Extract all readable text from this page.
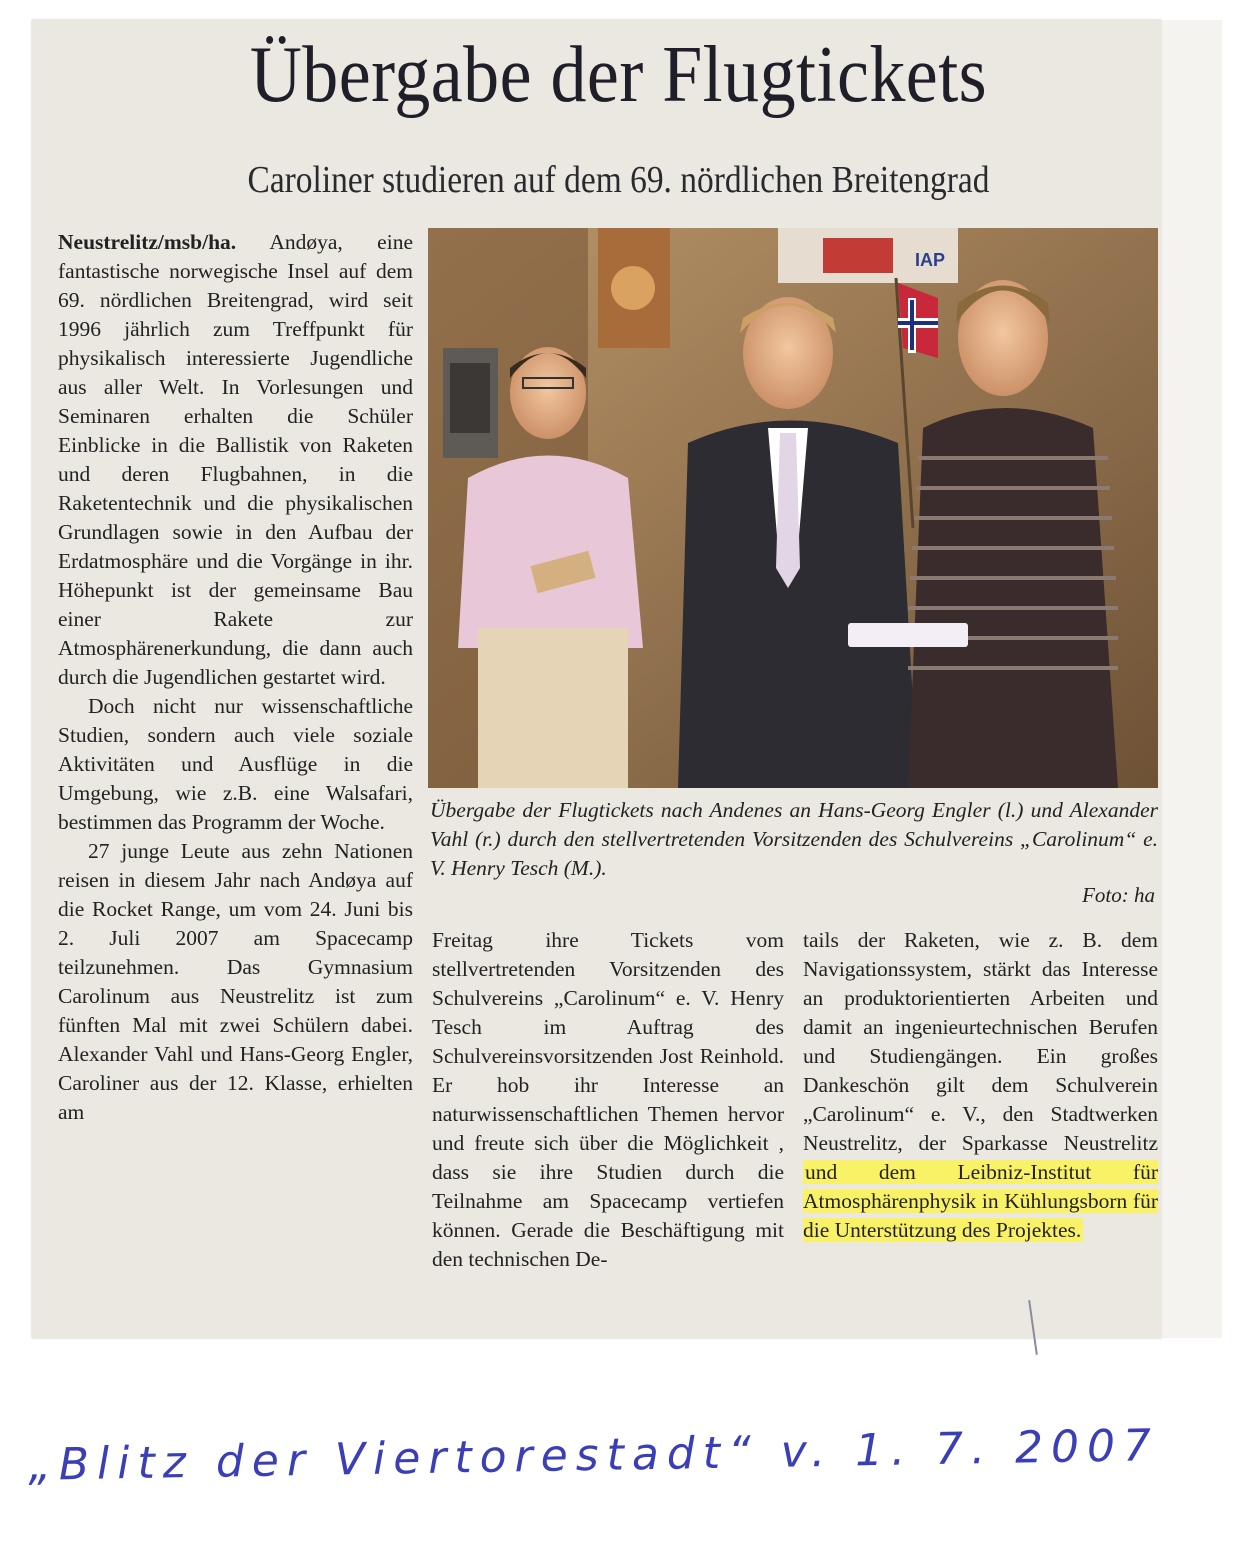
Übergabe der Flugtickets
Caroliner studieren auf dem 69. nördlichen Breitengrad

Neustrelitz/msb/ha. Andøya, eine fantastische norwegische Insel auf dem 69. nördlichen Breitengrad, wird seit 1996 jährlich zum Treffpunkt für physikalisch interessierte Jugendliche aus aller Welt. In Vorlesungen und Seminaren erhalten die Schüler Einblicke in die Ballistik von Raketen und deren Flugbahnen, in die Raketentechnik und die physikalischen Grundlagen sowie in den Aufbau der Erdatmosphäre und die Vorgänge in ihr. Höhepunkt ist der gemeinsame Bau einer Rakete zur Atmosphärenerkundung, die dann auch durch die Jugendlichen gestartet wird.

Doch nicht nur wissenschaftliche Studien, sondern auch viele soziale Aktivitäten und Ausflüge in die Umgebung, wie z.B. eine Walsafari, bestimmen das Programm der Woche.

27 junge Leute aus zehn Nationen reisen in diesem Jahr nach Andøya auf die Rocket Range, um vom 24. Juni bis 2. Juli 2007 am Spacecamp teilzunehmen. Das Gymnasium Carolinum aus Neustrelitz ist zum fünften Mal mit zwei Schülern dabei. Alexander Vahl und Hans-Georg Engler, Caroliner aus der 12. Klasse, erhielten am

IAP
Übergabe der Flugtickets nach Andenes an Hans-Georg Engler (l.) und Alexander Vahl (r.) durch den stellvertretenden Vorsitzenden des Schulvereins „Carolinum“ e. V. Henry Tesch (M.).
Foto: ha

Freitag ihre Tickets vom stellvertretenden Vorsitzenden des Schulvereins „Carolinum“ e. V. Henry Tesch im Auftrag des Schulvereinsvorsitzenden Jost Reinhold. Er hob ihr Interesse an naturwissenschaftlichen Themen hervor und freute sich über die Möglichkeit , dass sie ihre Studien durch die Teilnahme am Spacecamp vertiefen können. Gerade die Beschäftigung mit den technischen De-

tails der Raketen, wie z. B. dem Navigationssystem, stärkt das Interesse an produktorientierten Arbeiten und damit an ingenieurtechnischen Berufen und Studiengängen. Ein großes Dankeschön gilt dem Schulverein „Carolinum“ e. V., den Stadtwerken Neustrelitz, der Sparkasse Neustrelitz und dem Leibniz-Institut für Atmosphärenphysik in Kühlungsborn für die Unterstützung des Projektes.

„Blitz der Viertorestadt“ v. 1. 7. 2007
